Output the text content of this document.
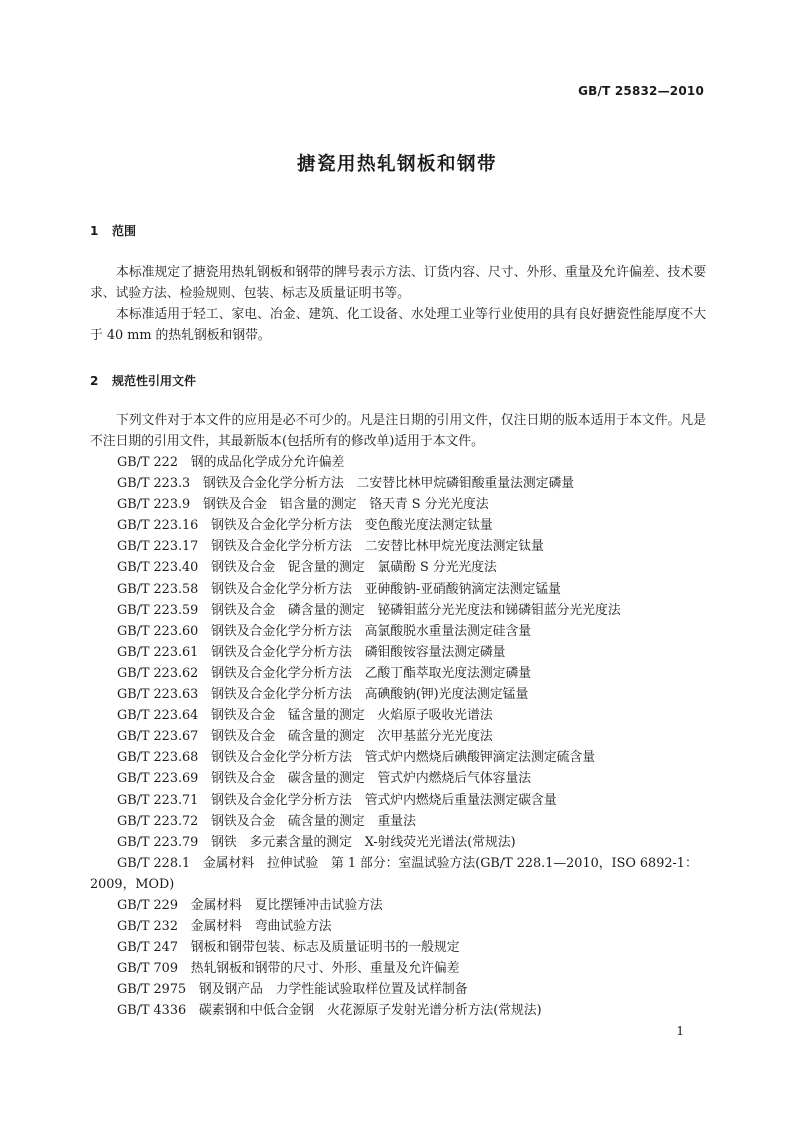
GB/T 25832—2010
搪瓷用热轧钢板和钢带
1 范围

本标准规定了搪瓷用热轧钢板和钢带的牌号表示方法、订货内容、尺寸、外形、重量及允许偏差、技术要求、试验方法、检验规则、包装、标志及质量证明书等。

本标准适用于轻工、家电、冶金、建筑、化工设备、水处理工业等行业使用的具有良好搪瓷性能厚度不大于 40 mm 的热轧钢板和钢带。

2 规范性引用文件

下列文件对于本文件的应用是必不可少的。凡是注日期的引用文件，仅注日期的版本适用于本文件。凡是不注日期的引用文件，其最新版本(包括所有的修改单)适用于本文件。

GB/T 222　 钢的成品化学成分允许偏差
GB/T 223.3　 钢铁及合金化学分析方法　二安替比林甲烷磷钼酸重量法测定磷量
GB/T 223.9　 钢铁及合金　铝含量的测定　铬天青 S 分光光度法
GB/T 223.16　 钢铁及合金化学分析方法　变色酸光度法测定钛量
GB/T 223.17　 钢铁及合金化学分析方法　二安替比林甲烷光度法测定钛量
GB/T 223.40　 钢铁及合金　铌含量的测定　氯磺酚 S 分光光度法
GB/T 223.58　 钢铁及合金化学分析方法　亚砷酸钠-亚硝酸钠滴定法测定锰量
GB/T 223.59　 钢铁及合金　磷含量的测定　铋磷钼蓝分光光度法和锑磷钼蓝分光光度法
GB/T 223.60　 钢铁及合金化学分析方法　高氯酸脱水重量法测定硅含量
GB/T 223.61　 钢铁及合金化学分析方法　磷钼酸铵容量法测定磷量
GB/T 223.62　 钢铁及合金化学分析方法　乙酸丁酯萃取光度法测定磷量
GB/T 223.63　 钢铁及合金化学分析方法　高碘酸钠(钾)光度法测定锰量
GB/T 223.64　 钢铁及合金　锰含量的测定　火焰原子吸收光谱法
GB/T 223.67　 钢铁及合金　硫含量的测定　次甲基蓝分光光度法
GB/T 223.68　 钢铁及合金化学分析方法　管式炉内燃烧后碘酸钾滴定法测定硫含量
GB/T 223.69　 钢铁及合金　碳含量的测定　管式炉内燃烧后气体容量法
GB/T 223.71　 钢铁及合金化学分析方法　管式炉内燃烧后重量法测定碳含量
GB/T 223.72　 钢铁及合金　硫含量的测定　重量法
GB/T 223.79　 钢铁　多元素含量的测定　X-射线荧光光谱法(常规法)
GB/T 228.1　 金属材料　拉伸试验　第 1 部分：室温试验方法(GB/T 228.1—2010，ISO 6892-1：
2009，MOD)
GB/T 229　 金属材料　夏比摆锤冲击试验方法
GB/T 232　 金属材料　弯曲试验方法
GB/T 247　 钢板和钢带包装、标志及质量证明书的一般规定
GB/T 709　 热轧钢板和钢带的尺寸、外形、重量及允许偏差
GB/T 2975　 钢及钢产品　力学性能试验取样位置及试样制备
GB/T 4336　 碳素钢和中低合金钢　火花源原子发射光谱分析方法(常规法)
1
